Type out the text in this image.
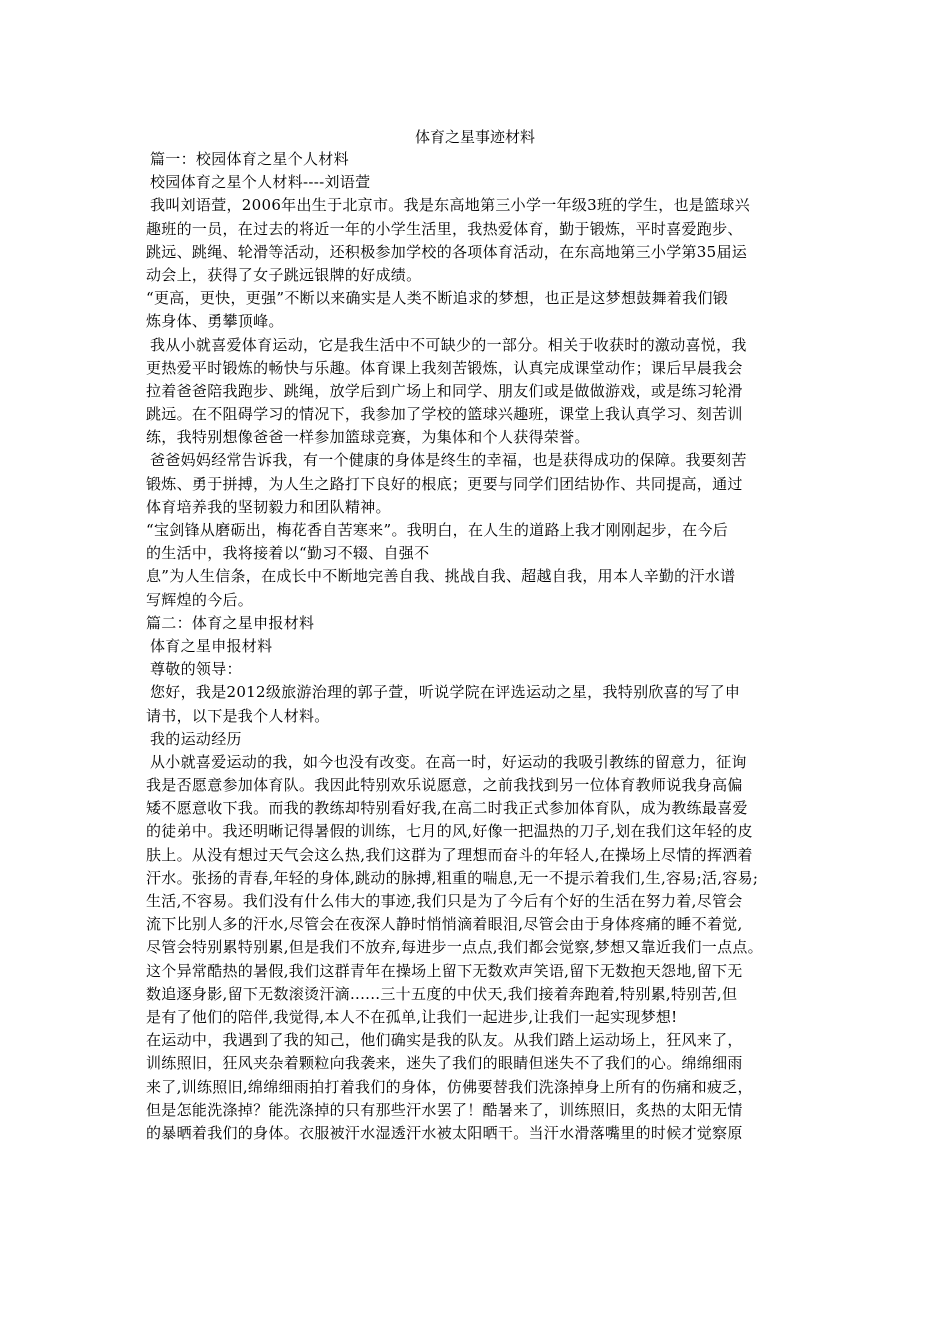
体育之星事迹材料
篇一：校园体育之星个人材料
校园体育之星个人材料----刘语萱
我叫刘语萱，2006年出生于北京市。我是东高地第三小学一年级3班的学生，也是篮球兴
趣班的一员，在过去的将近一年的小学生活里，我热爱体育，勤于锻炼，平时喜爱跑步、
跳远、跳绳、轮滑等活动，还积极参加学校的各项体育活动，在东高地第三小学第35届运
动会上，获得了女子跳远银牌的好成绩。
“更高，更快，更强”不断以来确实是人类不断追求的梦想，也正是这梦想鼓舞着我们锻
炼身体、勇攀顶峰。
我从小就喜爱体育运动，它是我生活中不可缺少的一部分。相关于收获时的激动喜悦，我
更热爱平时锻炼的畅快与乐趣。体育课上我刻苦锻炼，认真完成课堂动作；课后早晨我会
拉着爸爸陪我跑步、跳绳，放学后到广场上和同学、朋友们或是做做游戏，或是练习轮滑
跳远。在不阻碍学习的情况下，我参加了学校的篮球兴趣班，课堂上我认真学习、刻苦训
练，我特别想像爸爸一样参加篮球竞赛，为集体和个人获得荣誉。
爸爸妈妈经常告诉我，有一个健康的身体是终生的幸福，也是获得成功的保障。我要刻苦
锻炼、勇于拼搏，为人生之路打下良好的根底；更要与同学们团结协作、共同提高，通过
体育培养我的坚韧毅力和团队精神。
“宝剑锋从磨砺出，梅花香自苦寒来”。我明白，在人生的道路上我才刚刚起步，在今后
的生活中，我将接着以“勤习不辍、自强不
息”为人生信条，在成长中不断地完善自我、挑战自我、超越自我，用本人辛勤的汗水谱
写辉煌的今后。
篇二：体育之星申报材料
体育之星申报材料
尊敬的领导：
您好，我是2012级旅游治理的郭子萱，听说学院在评选运动之星，我特别欣喜的写了申
请书，以下是我个人材料。
我的运动经历
从小就喜爱运动的我，如今也没有改变。在高一时，好运动的我吸引教练的留意力，征询
我是否愿意参加体育队。我因此特别欢乐说愿意，之前我找到另一位体育教师说我身高偏
矮不愿意收下我。而我的教练却特别看好我,在高二时我正式参加体育队，成为教练最喜爱
的徒弟中。我还明晰记得暑假的训练，七月的风,好像一把温热的刀子,划在我们这年轻的皮
肤上。从没有想过天气会这么热,我们这群为了理想而奋斗的年轻人,在操场上尽情的挥洒着
汗水。张扬的青春,年轻的身体,跳动的脉搏,粗重的喘息,无一不提示着我们,生,容易;活,容易;
生活,不容易。我们没有什么伟大的事迹,我们只是为了今后有个好的生活在努力着,尽管会
流下比别人多的汗水,尽管会在夜深人静时悄悄滴着眼泪,尽管会由于身体疼痛的睡不着觉,
尽管会特别累特别累,但是我们不放弃,每进步一点点,我们都会觉察,梦想又靠近我们一点点。
这个异常酷热的暑假,我们这群青年在操场上留下无数欢声笑语,留下无数抱天怨地,留下无
数追逐身影,留下无数滚烫汗滴......三十五度的中伏天,我们接着奔跑着,特别累,特别苦,但
是有了他们的陪伴,我觉得,本人不在孤单,让我们一起进步,让我们一起实现梦想!
在运动中，我遇到了我的知己，他们确实是我的队友。从我们踏上运动场上，狂风来了，
训练照旧，狂风夹杂着颗粒向我袭来，迷失了我们的眼睛但迷失不了我们的心。绵绵细雨
来了,训练照旧,绵绵细雨拍打着我们的身体，仿佛要替我们洗涤掉身上所有的伤痛和疲乏，
但是怎能洗涤掉？能洗涤掉的只有那些汗水罢了！酷暑来了，训练照旧，炙热的太阳无情
的暴晒着我们的身体。衣服被汗水湿透汗水被太阳晒干。当汗水滑落嘴里的时候才觉察原
